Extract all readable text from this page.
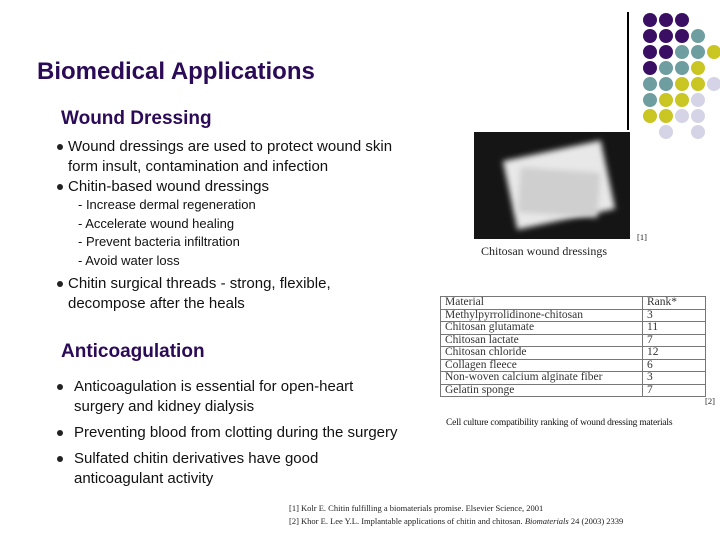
Biomedical Applications
Wound Dressing
Wound dressings are used to protect wound skin
form insult, contamination and infection
Chitin-based wound dressings
- Increase dermal regeneration
- Accelerate wound healing
- Prevent bacteria infiltration
- Avoid water loss
Chitin surgical threads - strong, flexible,
decompose after the heals
[1]
Chitosan wound dressings
Material	Rank*
Methylpyrrolidinone-chitosan	3
Chitosan glutamate	11
Chitosan lactate	7
Chitosan chloride	12
Collagen fleece	6
Non-woven calcium alginate fiber	3
Gelatin sponge	7
[2]
Cell culture compatibility ranking of wound dressing materials
Anticoagulation
Anticoagulation is essential for open-heart
surgery and kidney dialysis
Preventing blood from clotting during the surgery
Sulfated chitin derivatives have good
anticoagulant activity
[1] Kolr E. Chitin fulfilling a biomaterials promise. Elsevier Science, 2001
[2] Khor E. Lee Y.L. Implantable applications of chitin and chitosan. Biomaterials 24 (2003) 2339
